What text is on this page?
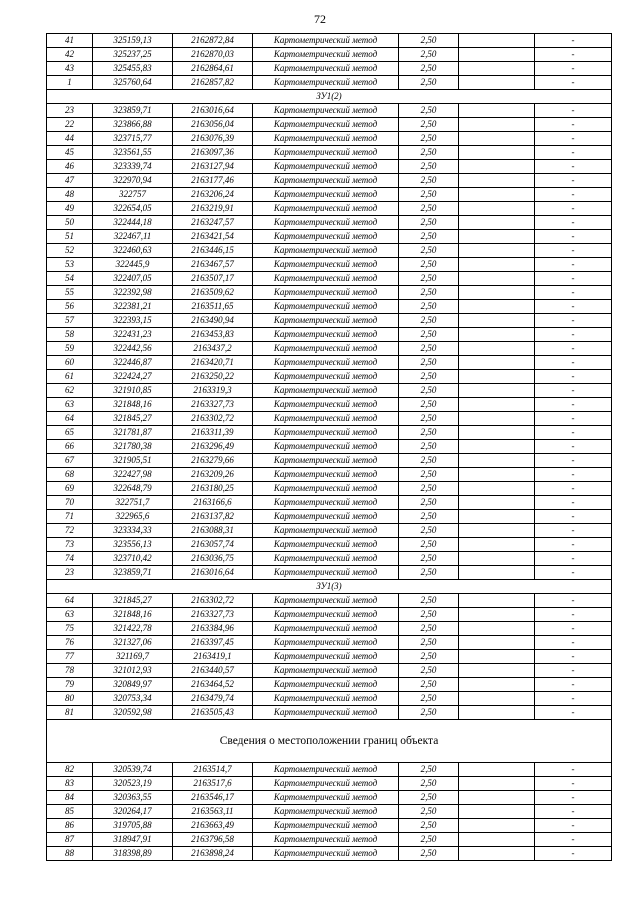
72
41	325159,13	2162872,84	Картометрический метод	2,50		-
42	325237,25	2162870,03	Картометрический метод	2,50		-
43	325455,83	2162864,61	Картометрический метод	2,50		-
1	325760,64	2162857,82	Картометрический метод	2,50		-
ЗУ1(2)						
23	323859,71	2163016,64	Картометрический метод	2,50		-
22	323866,88	2163056,04	Картометрический метод	2,50		-
44	323715,77	2163076,39	Картометрический метод	2,50		-
45	323561,55	2163097,36	Картометрический метод	2,50		-
46	323339,74	2163127,94	Картометрический метод	2,50		-
47	322970,94	2163177,46	Картометрический метод	2,50		-
48	322757	2163206,24	Картометрический метод	2,50		-
49	322654,05	2163219,91	Картометрический метод	2,50		-
50	322444,18	2163247,57	Картометрический метод	2,50		-
51	322467,11	2163421,54	Картометрический метод	2,50		-
52	322460,63	2163446,15	Картометрический метод	2,50		-
53	322445,9	2163467,57	Картометрический метод	2,50		-
54	322407,05	2163507,17	Картометрический метод	2,50		-
55	322392,98	2163509,62	Картометрический метод	2,50		-
56	322381,21	2163511,65	Картометрический метод	2,50		-
57	322393,15	2163490,94	Картометрический метод	2,50		-
58	322431,23	2163453,83	Картометрический метод	2,50		-
59	322442,56	2163437,2	Картометрический метод	2,50		-
60	322446,87	2163420,71	Картометрический метод	2,50		-
61	322424,27	2163250,22	Картометрический метод	2,50		-
62	321910,85	2163319,3	Картометрический метод	2,50		-
63	321848,16	2163327,73	Картометрический метод	2,50		-
64	321845,27	2163302,72	Картометрический метод	2,50		-
65	321781,87	2163311,39	Картометрический метод	2,50		-
66	321780,38	2163296,49	Картометрический метод	2,50		-
67	321905,51	2163279,66	Картометрический метод	2,50		-
68	322427,98	2163209,26	Картометрический метод	2,50		-
69	322648,79	2163180,25	Картометрический метод	2,50		-
70	322751,7	2163166,6	Картометрический метод	2,50		-
71	322965,6	2163137,82	Картометрический метод	2,50		-
72	323334,33	2163088,31	Картометрический метод	2,50		-
73	323556,13	2163057,74	Картометрический метод	2,50		-
74	323710,42	2163036,75	Картометрический метод	2,50		-
23	323859,71	2163016,64	Картометрический метод	2,50		-
ЗУ1(3)						
64	321845,27	2163302,72	Картометрический метод	2,50		-
63	321848,16	2163327,73	Картометрический метод	2,50		-
75	321422,78	2163384,96	Картометрический метод	2,50		-
76	321327,06	2163397,45	Картометрический метод	2,50		-
77	321169,7	2163419,1	Картометрический метод	2,50		-
78	321012,93	2163440,57	Картометрический метод	2,50		-
79	320849,97	2163464,52	Картометрический метод	2,50		-
80	320753,34	2163479,74	Картометрический метод	2,50		-
81	320592,98	2163505,43	Картометрический метод	2,50		-
Сведения о местоположении границ объекта						
82	320539,74	2163514,7	Картометрический метод	2,50		-
83	320523,19	2163517,6	Картометрический метод	2,50		-
84	320363,55	2163546,17	Картометрический метод	2,50		-
85	320264,17	2163563,11	Картометрический метод	2,50		-
86	319705,88	2163663,49	Картометрический метод	2,50		-
87	318947,91	2163796,58	Картометрический метод	2,50		-
88	318398,89	2163898,24	Картометрический метод	2,50		-
